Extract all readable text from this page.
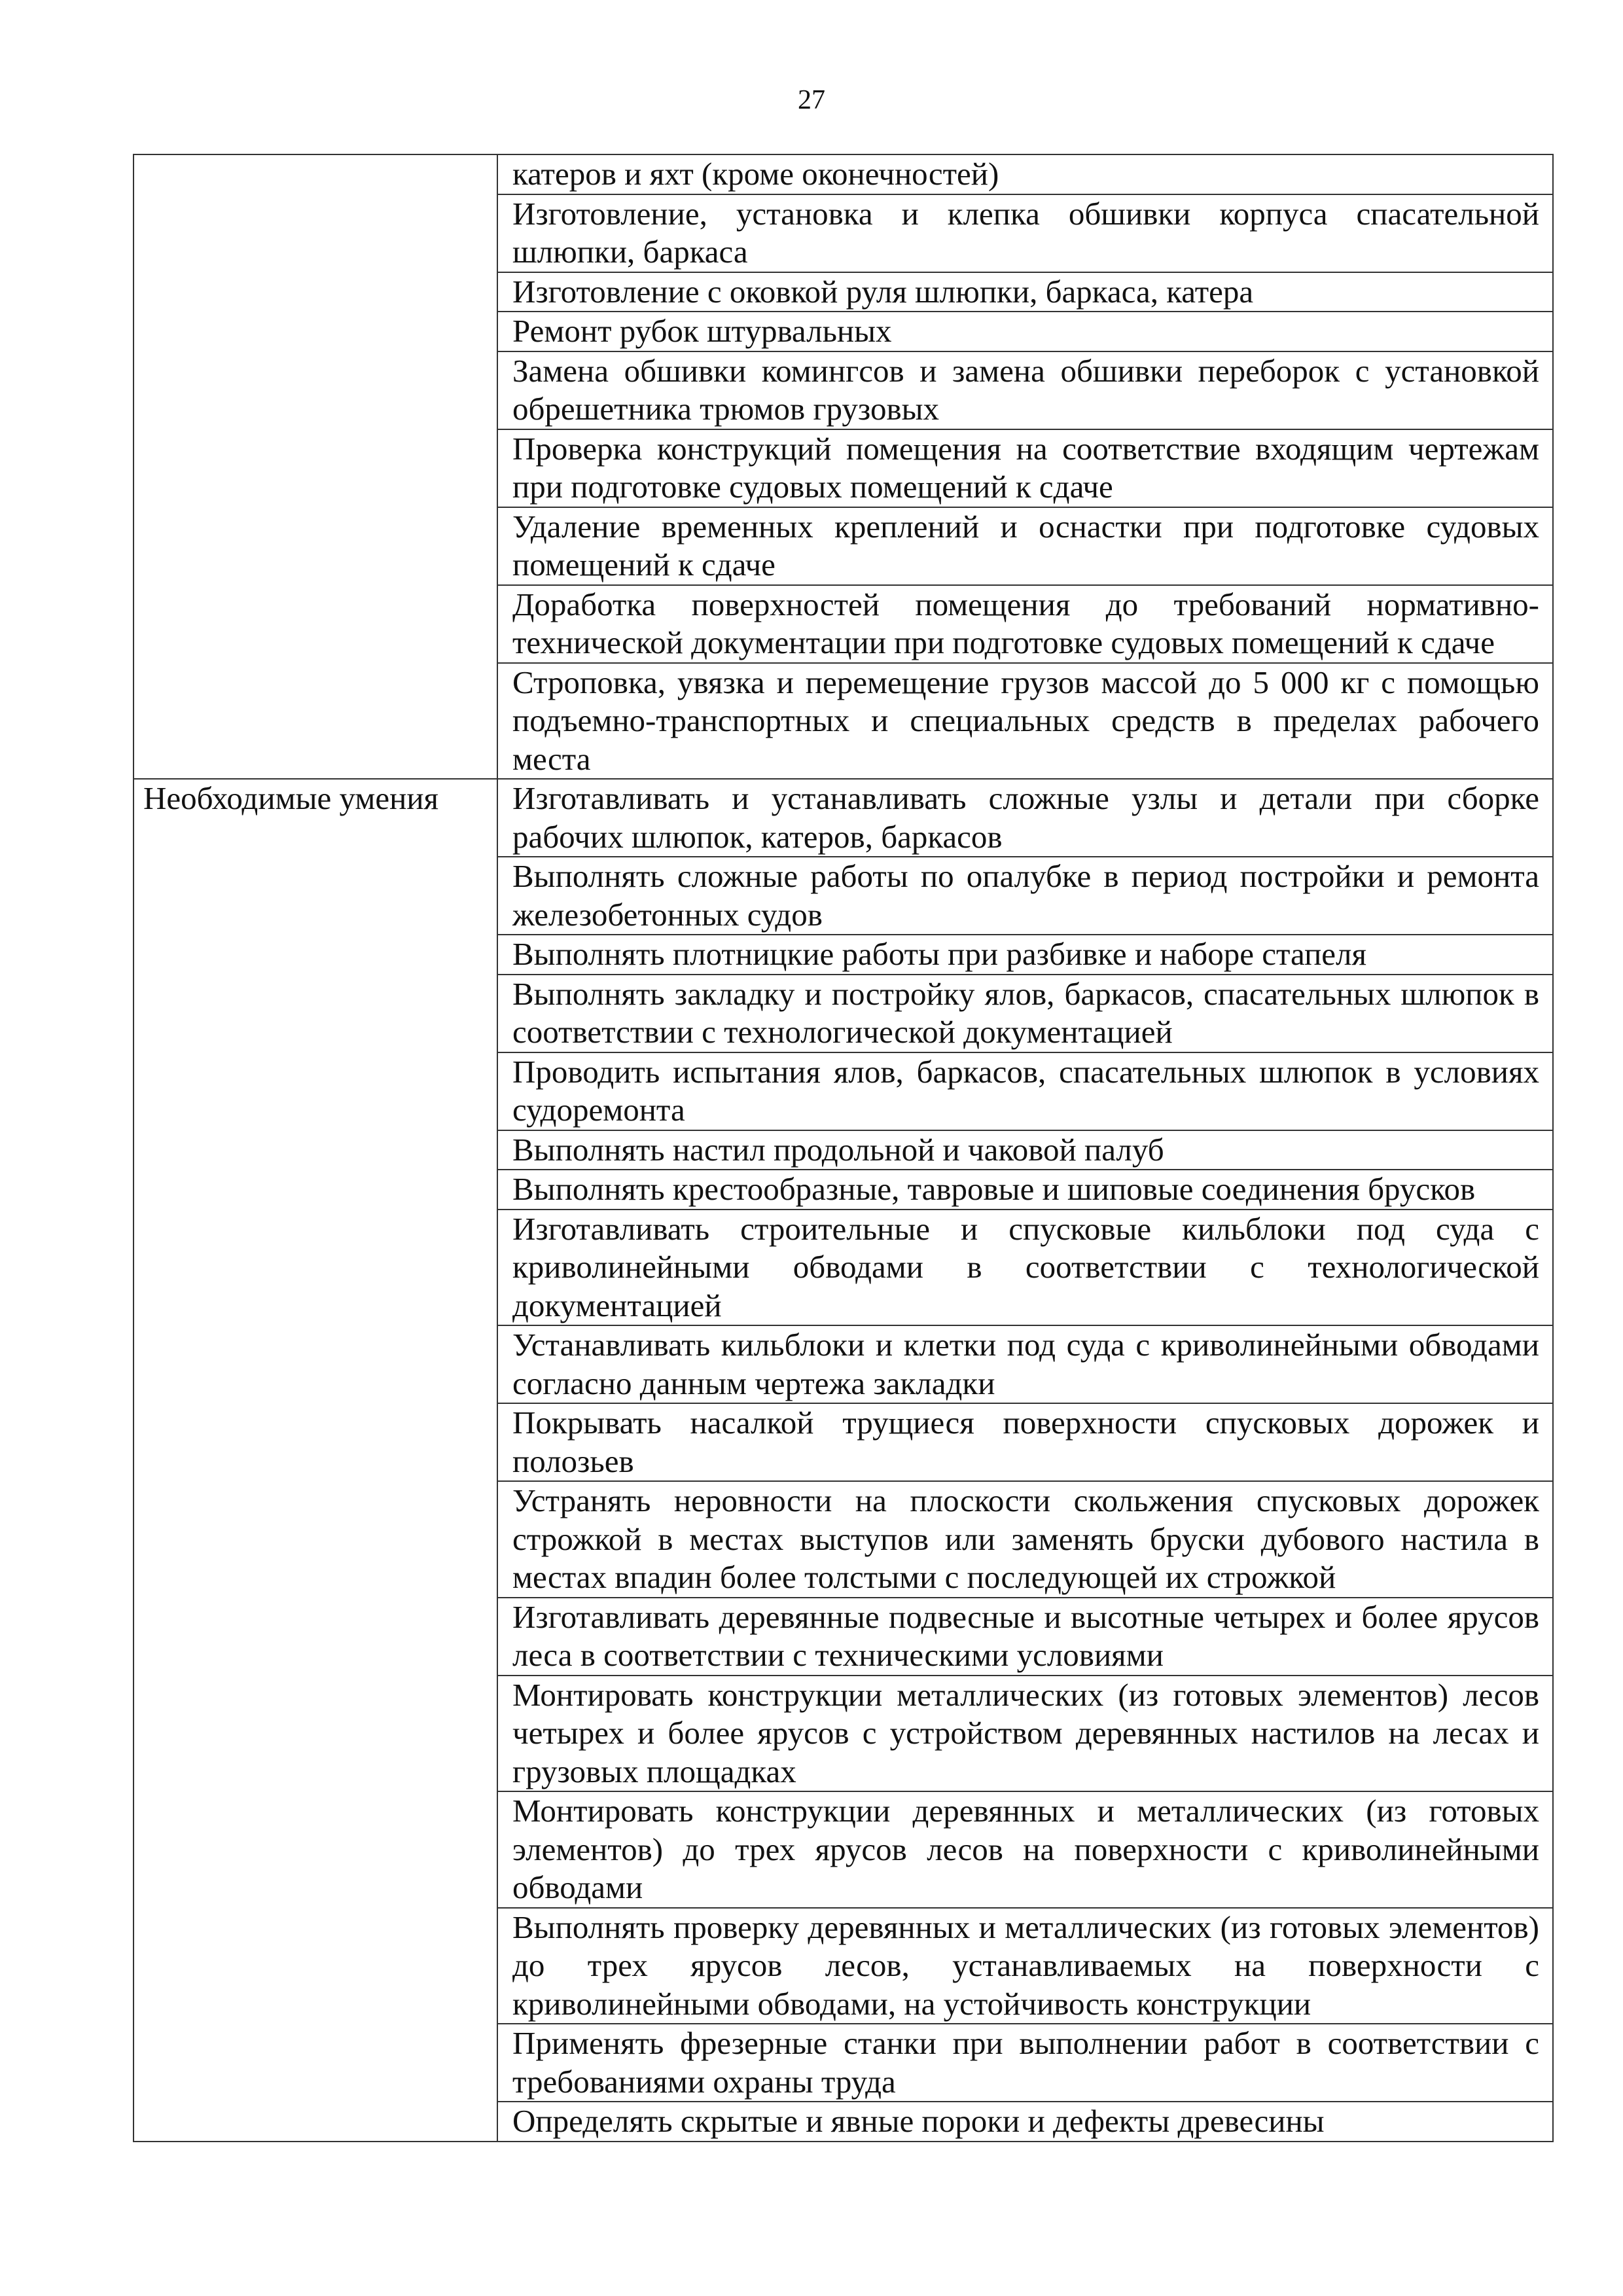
27
	катеров и яхт (кроме оконечностей)
	Изготовление, установка и клепка обшивки корпуса спасательной шлюпки, баркаса
	Изготовление с оковкой руля шлюпки, баркаса, катера
	Ремонт рубок штурвальных
	Замена обшивки комингсов и замена обшивки переборок с установкой обрешетника трюмов грузовых
	Проверка конструкций помещения на соответствие входящим чертежам при подготовке судовых помещений к сдаче
	Удаление временных креплений и оснастки при подготовке судовых помещений к сдаче
	Доработка поверхностей помещения до требований нормативно-технической документации при подготовке судовых помещений к сдаче
	Строповка, увязка и перемещение грузов массой до 5 000 кг с помощью подъемно-транспортных и специальных средств в пределах рабочего места
Необходимые умения	Изготавливать и устанавливать сложные узлы и детали при сборке рабочих шлюпок, катеров, баркасов
	Выполнять сложные работы по опалубке в период постройки и ремонта железобетонных судов
	Выполнять плотницкие работы при разбивке и наборе стапеля
	Выполнять закладку и постройку ялов, баркасов, спасательных шлюпок в соответствии с технологической документацией
	Проводить испытания ялов, баркасов, спасательных шлюпок в условиях судоремонта
	Выполнять настил продольной и чаковой палуб
	Выполнять крестообразные, тавровые и шиповые соединения брусков
	Изготавливать строительные и спусковые кильблоки под суда с криволинейными обводами в соответствии с технологической документацией
	Устанавливать кильблоки и клетки под суда с криволинейными обводами согласно данным чертежа закладки
	Покрывать насалкой трущиеся поверхности спусковых дорожек и полозьев
	Устранять неровности на плоскости скольжения спусковых дорожек строжкой в местах выступов или заменять бруски дубового настила в местах впадин более толстыми с последующей их строжкой
	Изготавливать деревянные подвесные и высотные четырех и более ярусов леса в соответствии с техническими условиями
	Монтировать конструкции металлических (из готовых элементов) лесов четырех и более ярусов с устройством деревянных настилов на лесах и грузовых площадках
	Монтировать конструкции деревянных и металлических (из готовых элементов) до трех ярусов лесов на поверхности с криволинейными обводами
	Выполнять проверку деревянных и металлических (из готовых элементов) до трех ярусов лесов, устанавливаемых на поверхности с криволинейными обводами, на устойчивость конструкции
	Применять фрезерные станки при выполнении работ в соответствии с требованиями охраны труда
	Определять скрытые и явные пороки и дефекты древесины
